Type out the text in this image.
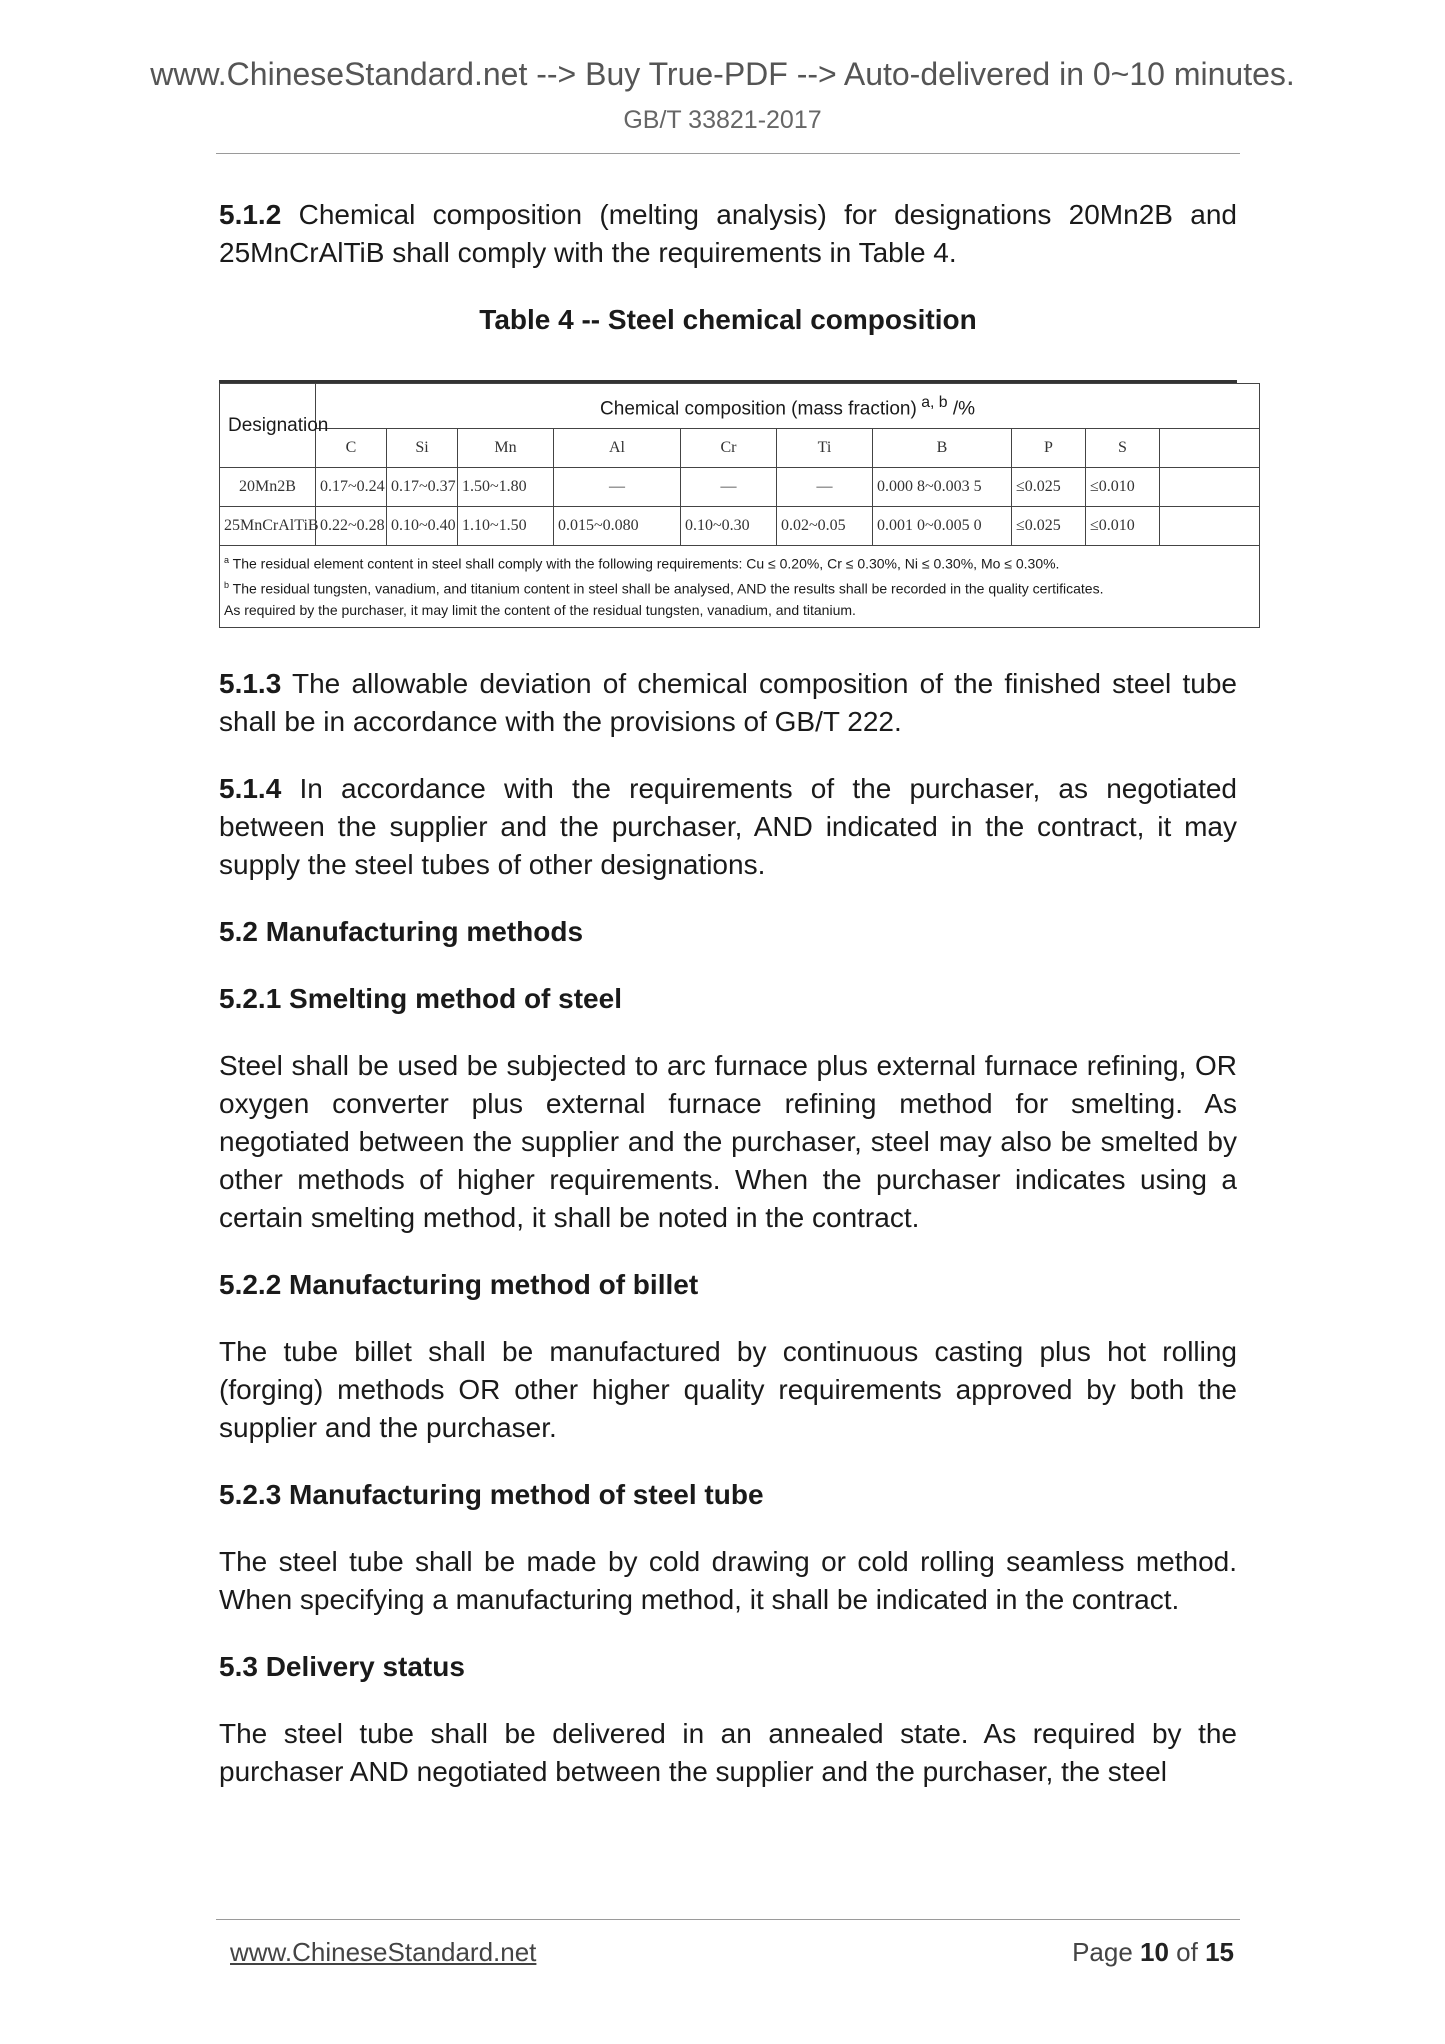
www.ChineseStandard.net --> Buy True-PDF --> Auto-delivered in 0~10 minutes.
GB/T 33821-2017

5.1.2 Chemical composition (melting analysis) for designations 20Mn2B and 25MnCrAlTiB shall comply with the requirements in Table 4.

Table 4 -- Steel chemical composition
Designation	Chemical composition (mass fraction) $^{a, b}$ /%									
	C	Si	Mn	Al	Cr	Ti	B	P	S	
20Mn2B	0.17~0.24	0.17~0.37	1.50~1.80	—	—	—	0.000 8~0.003 5	≤0.025	≤0.010	
25MnCrAlTiB	0.22~0.28	0.10~0.40	1.10~1.50	0.015~0.080	0.10~0.30	0.02~0.05	0.001 0~0.005 0	≤0.025	≤0.010	

$^a$ The residual element content in steel shall comply with the following requirements: Cu ≤ 0.20%, Cr ≤ 0.30%, Ni ≤ 0.30%, Mo ≤ 0.30%.
$^b$ The residual tungsten, vanadium, and titanium content in steel shall be analysed, AND the results shall be recorded in the quality certificates.
As required by the purchaser, it may limit the content of the residual tungsten, vanadium, and titanium.										

5.1.3 The allowable deviation of chemical composition of the finished steel tube shall be in accordance with the provisions of GB/T 222.

5.1.4 In accordance with the requirements of the purchaser, as negotiated between the supplier and the purchaser, AND indicated in the contract, it may supply the steel tubes of other designations.

5.2 Manufacturing methods
5.2.1 Smelting method of steel

Steel shall be used be subjected to arc furnace plus external furnace refining, OR oxygen converter plus external furnace refining method for smelting. As negotiated between the supplier and the purchaser, steel may also be smelted by other methods of higher requirements. When the purchaser indicates using a certain smelting method, it shall be noted in the contract.

5.2.2 Manufacturing method of billet

The tube billet shall be manufactured by continuous casting plus hot rolling (forging) methods OR other higher quality requirements approved by both the supplier and the purchaser.

5.2.3 Manufacturing method of steel tube

The steel tube shall be made by cold drawing or cold rolling seamless method. When specifying a manufacturing method, it shall be indicated in the contract.

5.3 Delivery status

The steel tube shall be delivered in an annealed state. As required by the purchaser AND negotiated between the supplier and the purchaser, the steel

www.ChineseStandard.net	Page 10 of 15
